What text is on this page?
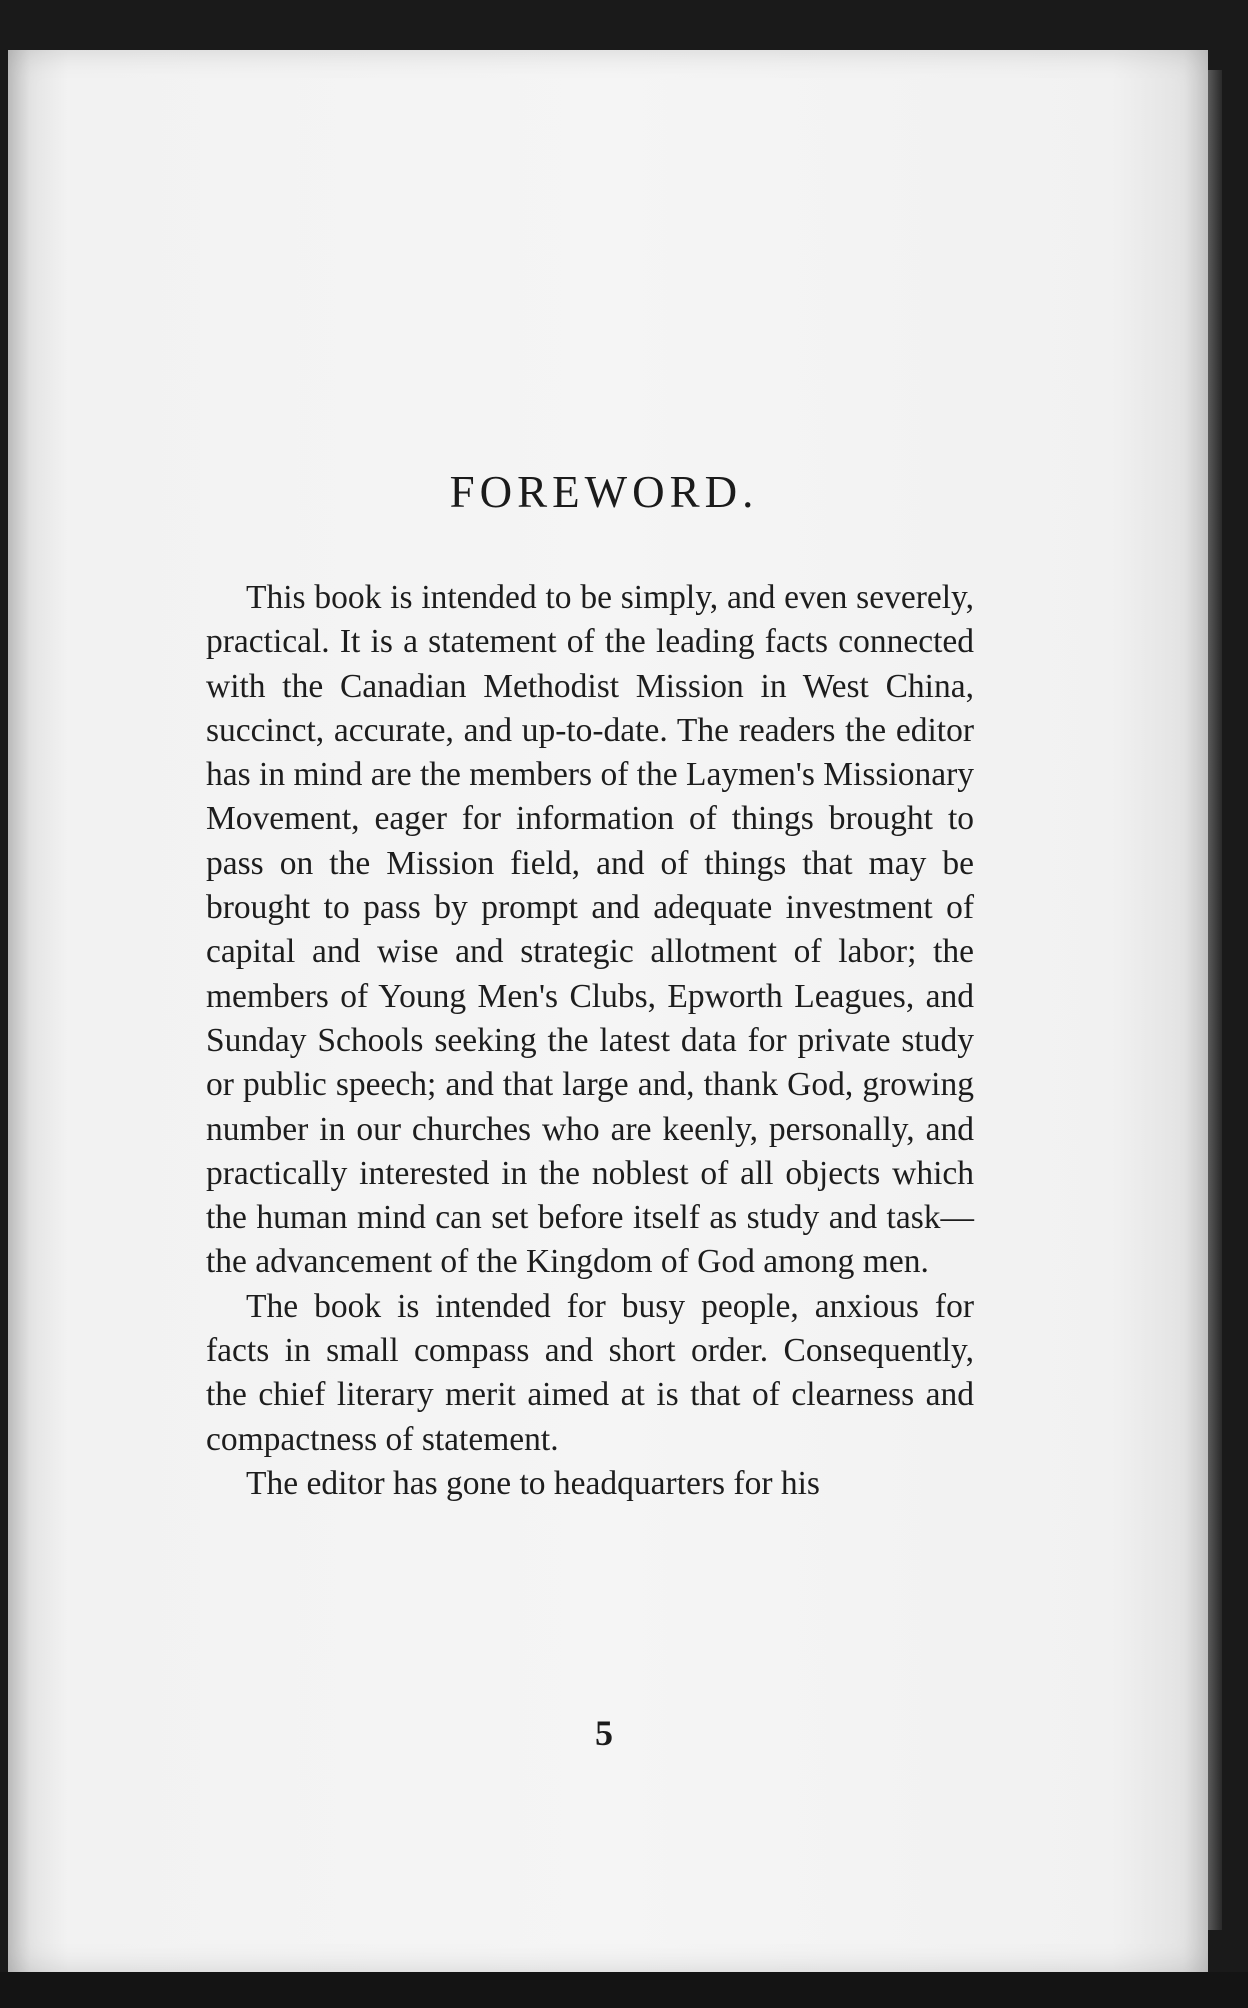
FOREWORD.

This book is intended to be simply, and even severely, practical. It is a statement of the leading facts connected with the Canadian Methodist Mission in West China, succinct, accurate, and up-to-date. The readers the editor has in mind are the members of the Laymen's Missionary Movement, eager for information of things brought to pass on the Mission field, and of things that may be brought to pass by prompt and adequate investment of capital and wise and strategic allotment of labor; the members of Young Men's Clubs, Epworth Leagues, and Sunday Schools seeking the latest data for private study or public speech; and that large and, thank God, growing number in our churches who are keenly, personally, and practically interested in the noblest of all objects which the human mind can set before itself as study and task—the advancement of the Kingdom of God among men.

The book is intended for busy people, anxious for facts in small compass and short order. Consequently, the chief literary merit aimed at is that of clearness and compactness of statement.

The editor has gone to headquarters for his

5
